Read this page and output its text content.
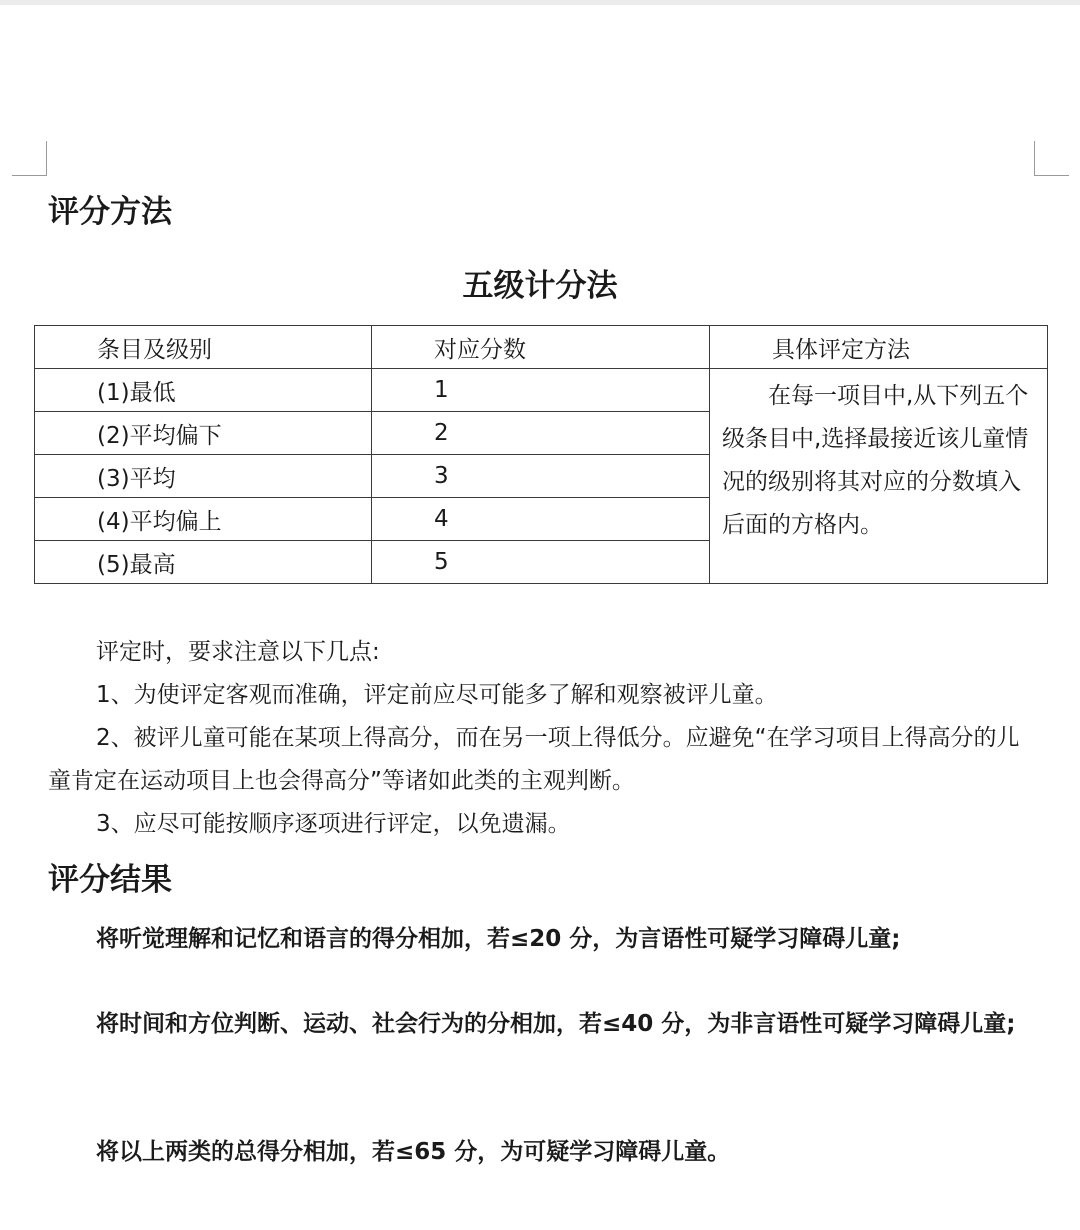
评分方法
五级计分法
条目及级别	对应分数	具体评定方法
(1)最低	1	在每一项目中,从下列五个级条目中,选择最接近该儿童情况的级别将其对应的分数填入后面的方格内。
(2)平均偏下	2	
(3)平均	3	
(4)平均偏上	4	
(5)最高	5	

评定时，要求注意以下几点:

1、为使评定客观而准确，评定前应尽可能多了解和观察被评儿童。

2、被评儿童可能在某项上得高分，而在另一项上得低分。应避免“在学习项目上得高分的儿童肯定在运动项目上也会得高分”等诸如此类的主观判断。

3、应尽可能按顺序逐项进行评定，以免遗漏。

评分结果

将听觉理解和记忆和语言的得分相加，若≤20 分，为言语性可疑学习障碍儿童;

将时间和方位判断、运动、社会行为的分相加，若≤40 分，为非言语性可疑学习障碍儿童;

将以上两类的总得分相加，若≤65 分，为可疑学习障碍儿童。
